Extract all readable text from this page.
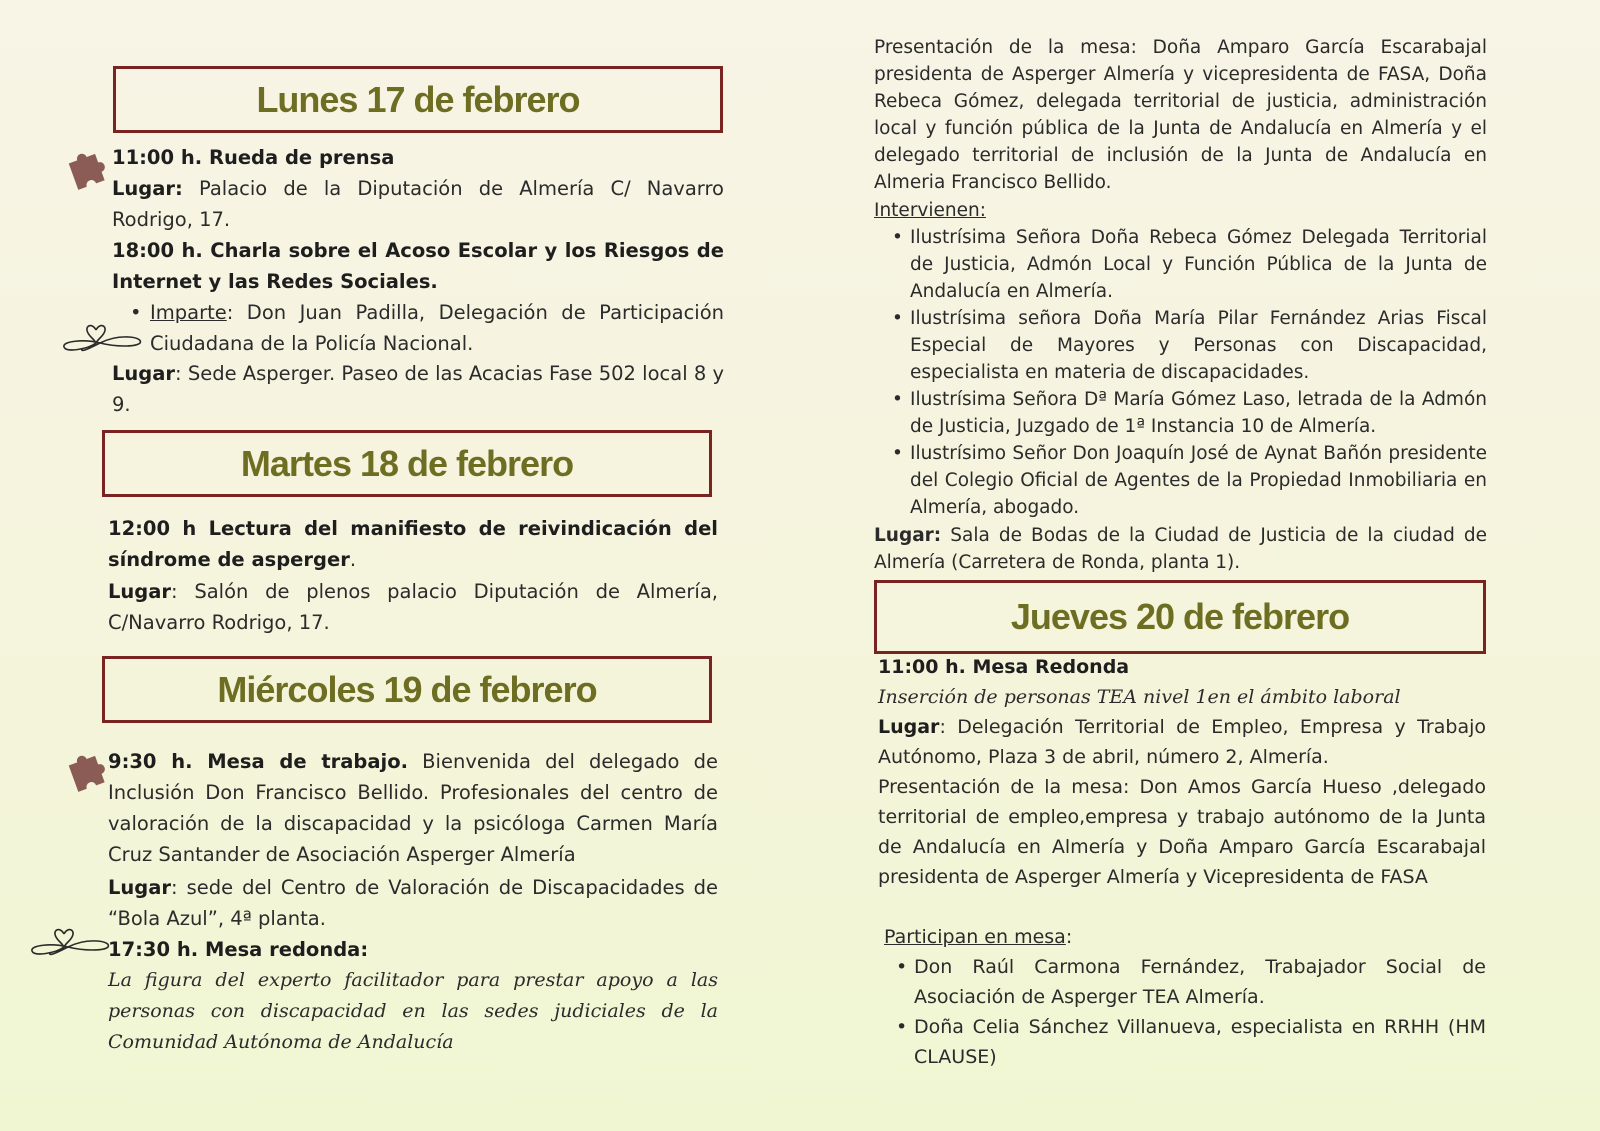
Lunes 17 de febrero

11:00 h. Rueda de prensa

Lugar: Palacio de la Diputación de Almería C/ Navarro Rodrigo, 17.

18:00 h. Charla sobre el Acoso Escolar y los Riesgos de Internet y las Redes Sociales.

• Imparte: Don Juan Padilla, Delegación de Participación Ciudadana de la Policía Nacional.

Lugar: Sede Asperger. Paseo de las Acacias Fase 502 local 8 y 9.

Martes 18 de febrero

12:00 h Lectura del manifiesto de reivindicación del síndrome de asperger.

Lugar: Salón de plenos palacio Diputación de Almería, C/Navarro Rodrigo, 17.

Miércoles 19 de febrero

9:30 h. Mesa de trabajo. Bienvenida del delegado de Inclusión Don Francisco Bellido. Profesionales del centro de valoración de la discapacidad y la psicóloga Carmen María Cruz Santander de Asociación Asperger Almería

Lugar: sede del Centro de Valoración de Discapacidades de “Bola Azul”, 4ª planta.

17:30 h. Mesa redonda:

La figura del experto facilitador para prestar apoyo a las personas con discapacidad en las sedes judiciales de la Comunidad Autónoma de Andalucía

Presentación de la mesa: Doña Amparo García Escarabajal presidenta de Asperger Almería y vicepresidenta de FASA, Doña Rebeca Gómez, delegada territorial de justicia, administración local y función pública de la Junta de Andalucía en Almería y el delegado territorial de inclusión de la Junta de Andalucía en Almeria Francisco Bellido.

Intervienen:

• Ilustrísima Señora Doña Rebeca Gómez Delegada Territorial de Justicia, Admón Local y Función Pública de la Junta de Andalucía en Almería.
• Ilustrísima señora Doña María Pilar Fernández Arias Fiscal Especial de Mayores y Personas con Discapacidad, especialista en materia de discapacidades.
• Ilustrísima Señora Dª María Gómez Laso, letrada de la Admón de Justicia, Juzgado de 1ª Instancia 10 de Almería.
• Ilustrísimo Señor Don Joaquín José de Aynat Bañón presidente del Colegio Oficial de Agentes de la Propiedad Inmobiliaria en Almería, abogado.

Lugar: Sala de Bodas de la Ciudad de Justicia de la ciudad de Almería (Carretera de Ronda, planta 1).

Jueves 20 de febrero

11:00 h. Mesa Redonda

Inserción de personas TEA nivel 1en el ámbito laboral

Lugar: Delegación Territorial de Empleo, Empresa y Trabajo Autónomo, Plaza 3 de abril, número 2, Almería.

Presentación de la mesa: Don Amos García Hueso ,delegado territorial de empleo,empresa y trabajo autónomo de la Junta de Andalucía en Almería y Doña Amparo García Escarabajal presidenta de Asperger Almería y Vicepresidenta de FASA

Participan en mesa:

• Don Raúl Carmona Fernández, Trabajador Social de Asociación de Asperger TEA Almería.
• Doña Celia Sánchez Villanueva, especialista en RRHH (HM CLAUSE)
